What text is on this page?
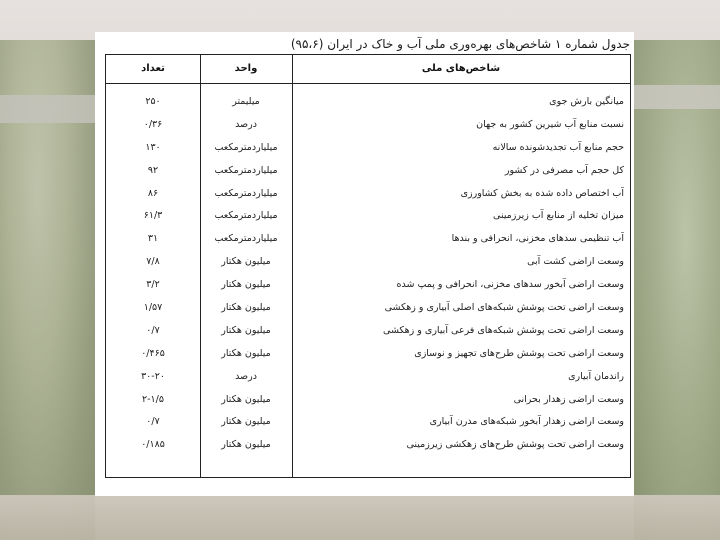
جدول شماره ۱ شاخص‌های بهره‌وری ملی آب و خاک در ایران (۹۵،۶)
شاخص‌های ملی
واحد
تعداد
میانگین بارش جوی
میلیمتر
۲۵۰
نسبت منابع آب شیرین کشور به جهان
درصد
۰/۳۶
حجم منابع آب تجدیدشونده سالانه
میلیاردمترمکعب
۱۳۰
کل حجم آب مصرفی در کشور
میلیاردمترمکعب
۹۲
آب اختصاص داده شده به بخش کشاورزی
میلیاردمترمکعب
۸۶
میزان تخلیه از منابع آب زیرزمینی
میلیاردمترمکعب
۶۱/۳
آب تنظیمی سدهای مخزنی، انحرافی و بندها
میلیاردمترمکعب
۳۱
وسعت اراضی کشت آبی
میلیون هکتار
۷/۸
وسعت اراضی آبخور سدهای مخزنی، انحرافی و پمپ شده
میلیون هکتار
۳/۲
وسعت اراضی تحت پوشش شبکه‌های اصلی آبیاری و زهکشی
میلیون هکتار
۱/۵۷
وسعت اراضی تحت پوشش شبکه‌های فرعی آبیاری و زهکشی
میلیون هکتار
۰/۷
وسعت اراضی تحت پوشش طرح‌های تجهیز و نوسازی
میلیون هکتار
۰/۴۶۵
راندمان آبیاری
درصد
۳۰-۲۰
وسعت اراضی زهدار بحرانی
میلیون هکتار
۲-۱/۵
وسعت اراضی زهدار آبخور شبکه‌های مدرن آبیاری
میلیون هکتار
۰/۷
وسعت اراضی تحت پوشش طرح‌های زهکشی زیرزمینی
میلیون هکتار
۰/۱۸۵
